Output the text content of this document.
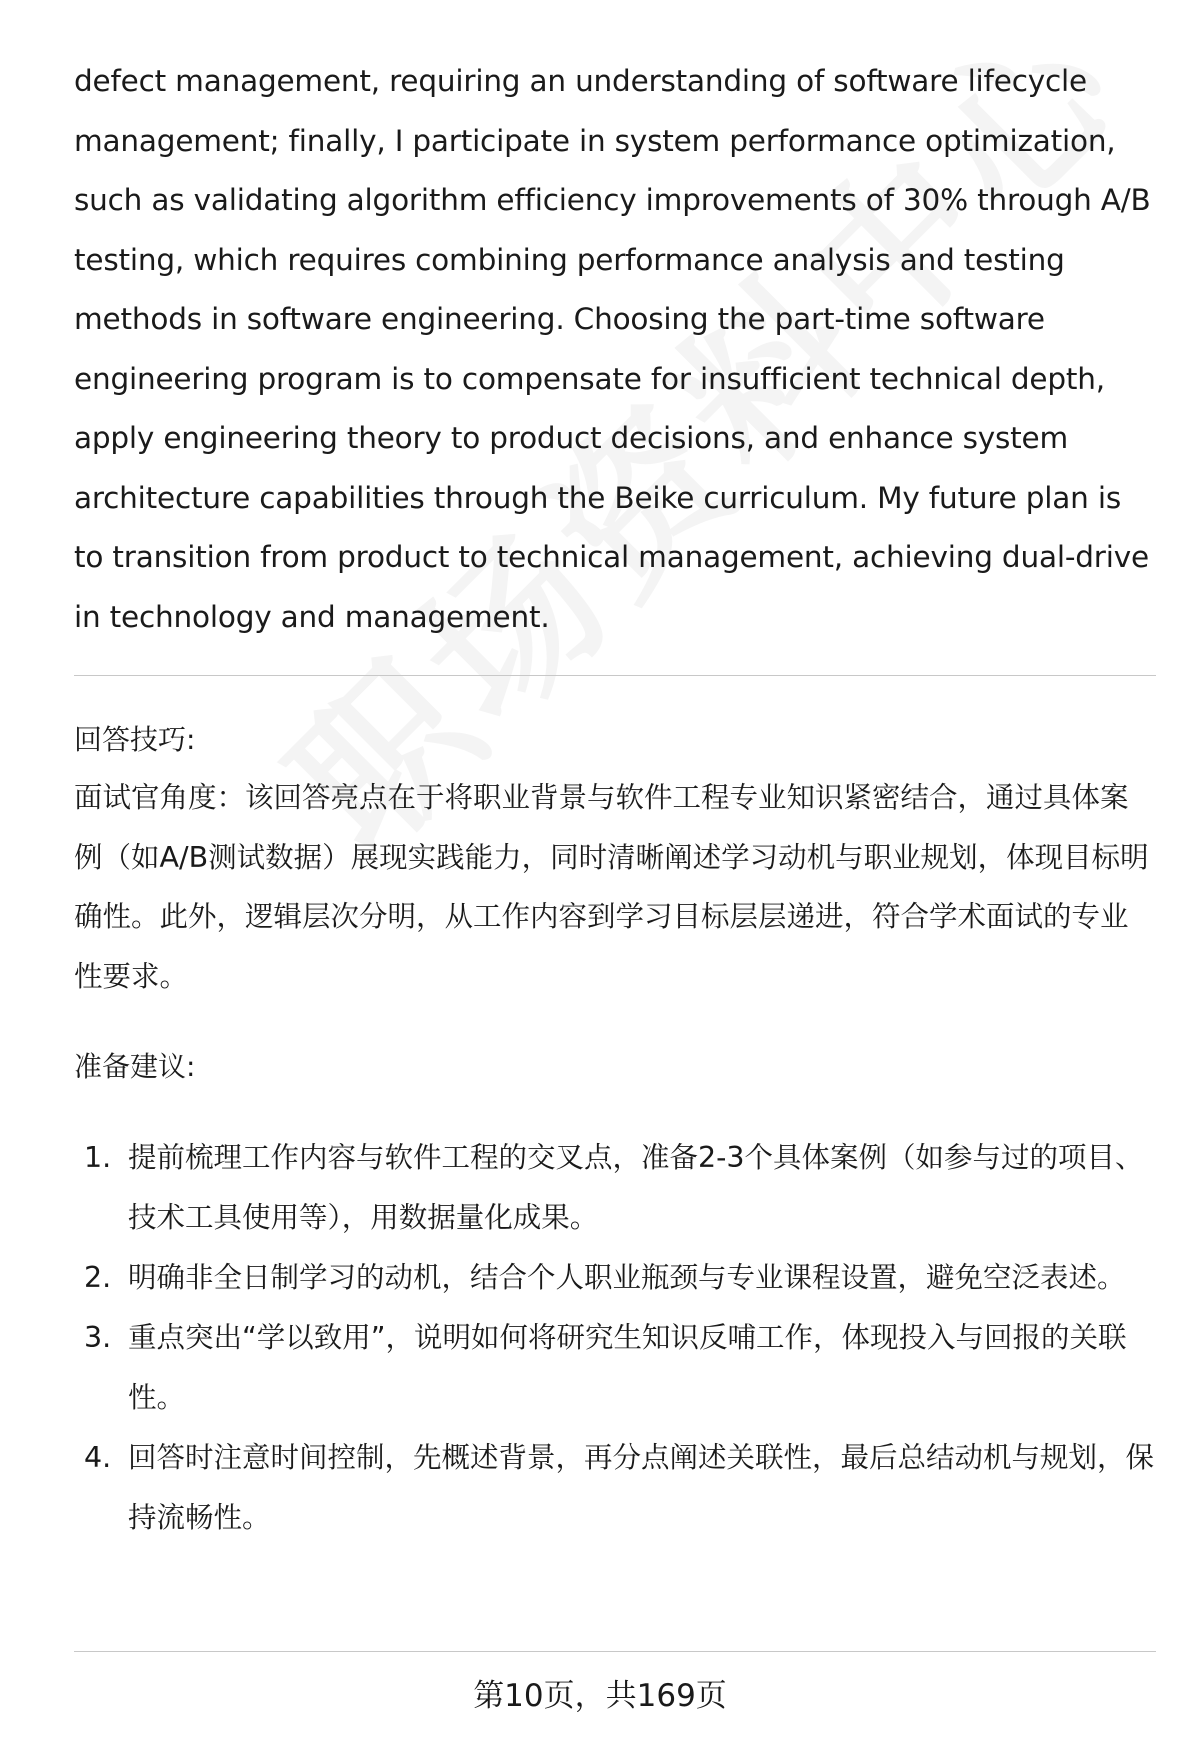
defect management, requiring an understanding of software lifecycle management; finally, I participate in system performance optimization, such as validating algorithm efficiency improvements of 30% through A/B testing, which requires combining performance analysis and testing methods in software engineering. Choosing the part-time software engineering program is to compensate for insufficient technical depth, apply engineering theory to product decisions, and enhance system architecture capabilities through the Beike curriculum. My future plan is to transition from product to technical management, achieving dual-drive in technology and management.

回答技巧:

面试官角度：该回答亮点在于将职业背景与软件工程专业知识紧密结合，通过具体案例（如A/B测试数据）展现实践能力，同时清晰阐述学习动机与职业规划，体现目标明确性。此外，逻辑层次分明，从工作内容到学习目标层层递进，符合学术面试的专业性要求。

准备建议:

1. 提前梳理工作内容与软件工程的交叉点，准备2-3个具体案例（如参与过的项目、技术工具使用等），用数据量化成果。
2. 明确非全日制学习的动机，结合个人职业瓶颈与专业课程设置，避免空泛表述。
3. 重点突出“学以致用”，说明如何将研究生知识反哺工作，体现投入与回报的关联性。
4. 回答时注意时间控制，先概述背景，再分点阐述关联性，最后总结动机与规划，保持流畅性。
第10页，共169页
